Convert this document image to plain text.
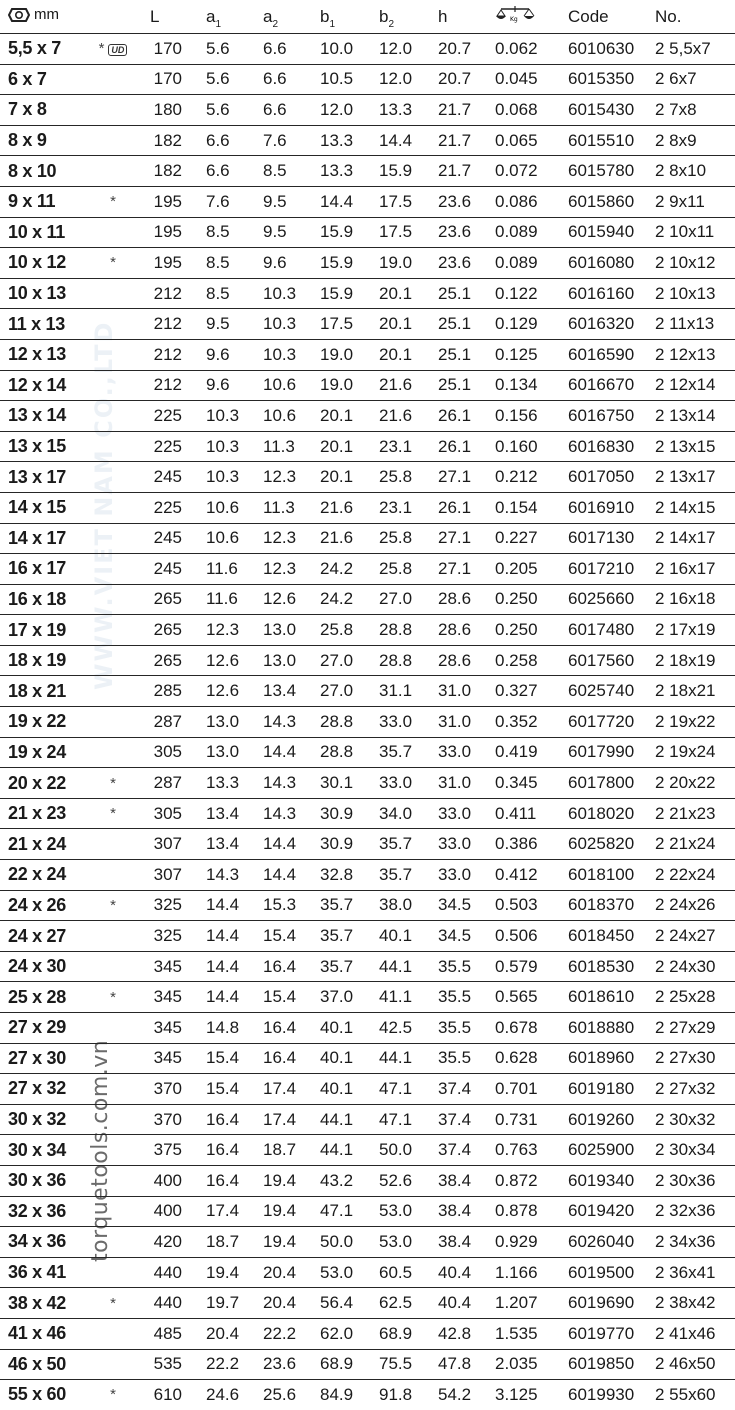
WWW.VIET NAM CO.,LTD
torquetools.com.vn
mm		L	$a_1$	$a_2$	$b_1$	$b_2$	h	Kg	Code	No.
5,5 x 7	* UD	170	5.6	6.6	10.0	12.0	20.7	0.062	6010630	2 5,5x7
6 x 7		170	5.6	6.6	10.5	12.0	20.7	0.045	6015350	2 6x7
7 x 8		180	5.6	6.6	12.0	13.3	21.7	0.068	6015430	2 7x8
8 x 9		182	6.6	7.6	13.3	14.4	21.7	0.065	6015510	2 8x9
8 x 10		182	6.6	8.5	13.3	15.9	21.7	0.072	6015780	2 8x10
9 x 11	*	195	7.6	9.5	14.4	17.5	23.6	0.086	6015860	2 9x11
10 x 11		195	8.5	9.5	15.9	17.5	23.6	0.089	6015940	2 10x11
10 x 12	*	195	8.5	9.6	15.9	19.0	23.6	0.089	6016080	2 10x12
10 x 13		212	8.5	10.3	15.9	20.1	25.1	0.122	6016160	2 10x13
11 x 13		212	9.5	10.3	17.5	20.1	25.1	0.129	6016320	2 11x13
12 x 13		212	9.6	10.3	19.0	20.1	25.1	0.125	6016590	2 12x13
12 x 14		212	9.6	10.6	19.0	21.6	25.1	0.134	6016670	2 12x14
13 x 14		225	10.3	10.6	20.1	21.6	26.1	0.156	6016750	2 13x14
13 x 15		225	10.3	11.3	20.1	23.1	26.1	0.160	6016830	2 13x15
13 x 17		245	10.3	12.3	20.1	25.8	27.1	0.212	6017050	2 13x17
14 x 15		225	10.6	11.3	21.6	23.1	26.1	0.154	6016910	2 14x15
14 x 17		245	10.6	12.3	21.6	25.8	27.1	0.227	6017130	2 14x17
16 x 17		245	11.6	12.3	24.2	25.8	27.1	0.205	6017210	2 16x17
16 x 18		265	11.6	12.6	24.2	27.0	28.6	0.250	6025660	2 16x18
17 x 19		265	12.3	13.0	25.8	28.8	28.6	0.250	6017480	2 17x19
18 x 19		265	12.6	13.0	27.0	28.8	28.6	0.258	6017560	2 18x19
18 x 21		285	12.6	13.4	27.0	31.1	31.0	0.327	6025740	2 18x21
19 x 22		287	13.0	14.3	28.8	33.0	31.0	0.352	6017720	2 19x22
19 x 24		305	13.0	14.4	28.8	35.7	33.0	0.419	6017990	2 19x24
20 x 22	*	287	13.3	14.3	30.1	33.0	31.0	0.345	6017800	2 20x22
21 x 23	*	305	13.4	14.3	30.9	34.0	33.0	0.411	6018020	2 21x23
21 x 24		307	13.4	14.4	30.9	35.7	33.0	0.386	6025820	2 21x24
22 x 24		307	14.3	14.4	32.8	35.7	33.0	0.412	6018100	2 22x24
24 x 26	*	325	14.4	15.3	35.7	38.0	34.5	0.503	6018370	2 24x26
24 x 27		325	14.4	15.4	35.7	40.1	34.5	0.506	6018450	2 24x27
24 x 30		345	14.4	16.4	35.7	44.1	35.5	0.579	6018530	2 24x30
25 x 28	*	345	14.4	15.4	37.0	41.1	35.5	0.565	6018610	2 25x28
27 x 29		345	14.8	16.4	40.1	42.5	35.5	0.678	6018880	2 27x29
27 x 30		345	15.4	16.4	40.1	44.1	35.5	0.628	6018960	2 27x30
27 x 32		370	15.4	17.4	40.1	47.1	37.4	0.701	6019180	2 27x32
30 x 32		370	16.4	17.4	44.1	47.1	37.4	0.731	6019260	2 30x32
30 x 34		375	16.4	18.7	44.1	50.0	37.4	0.763	6025900	2 30x34
30 x 36		400	16.4	19.4	43.2	52.6	38.4	0.872	6019340	2 30x36
32 x 36		400	17.4	19.4	47.1	53.0	38.4	0.878	6019420	2 32x36
34 x 36		420	18.7	19.4	50.0	53.0	38.4	0.929	6026040	2 34x36
36 x 41		440	19.4	20.4	53.0	60.5	40.4	1.166	6019500	2 36x41
38 x 42	*	440	19.7	20.4	56.4	62.5	40.4	1.207	6019690	2 38x42
41 x 46		485	20.4	22.2	62.0	68.9	42.8	1.535	6019770	2 41x46
46 x 50		535	22.2	23.6	68.9	75.5	47.8	2.035	6019850	2 46x50
55 x 60	*	610	24.6	25.6	84.9	91.8	54.2	3.125	6019930	2 55x60
